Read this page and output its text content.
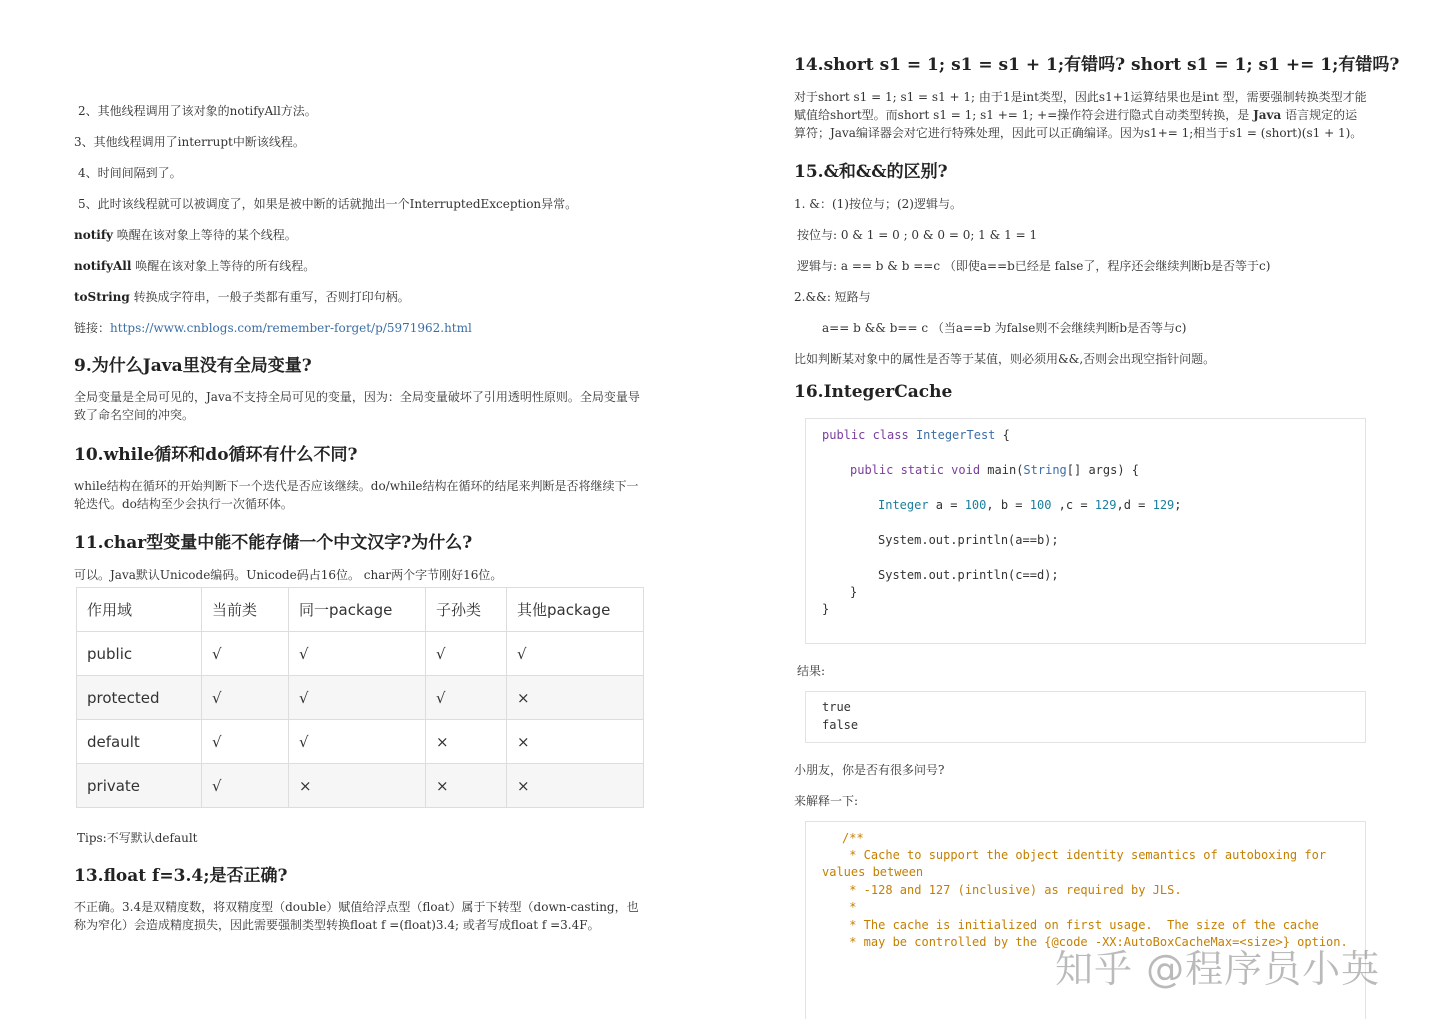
2、其他线程调用了该对象的notifyAll方法。
3、其他线程调用了interrupt中断该线程。
4、时间间隔到了。
5、此时该线程就可以被调度了，如果是被中断的话就抛出一个InterruptedException异常。
notify 唤醒在该对象上等待的某个线程。
notifyAll 唤醒在该对象上等待的所有线程。
toString 转换成字符串，一般子类都有重写，否则打印句柄。
链接：https://www.cnblogs.com/remember-forget/p/5971962.html
9.为什么Java里没有全局变量?
全局变量是全局可见的，Java不支持全局可见的变量，因为：全局变量破坏了引用透明性原则。全局变量导致了命名空间的冲突。
10.while循环和do循环有什么不同?
while结构在循环的开始判断下一个迭代是否应该继续。do/while结构在循环的结尾来判断是否将继续下一轮迭代。do结构至少会执行一次循环体。
11.char型变量中能不能存储一个中文汉字?为什么?
可以。Java默认Unicode编码。Unicode码占16位。 char两个字节刚好16位。
作用域	当前类	同一package	子孙类	其他package
public	√	√	√	√
protected	√	√	√	×
default	√	√	×	×
private	√	×	×	×
Tips:不写默认default
13.float f=3.4;是否正确?
不正确。3.4是双精度数，将双精度型（double）赋值给浮点型（float）属于下转型（down-casting，也称为窄化）会造成精度损失，因此需要强制类型转换float f =(float)3.4; 或者写成float f =3.4F。
14.short s1 = 1; s1 = s1 + 1;有错吗? short s1 = 1; s1 += 1;有错吗?
对于short s1 = 1; s1 = s1 + 1; 由于1是int类型，因此s1+1运算结果也是int 型，需要强制转换类型才能赋值给short型。而short s1 = 1; s1 += 1; +=操作符会进行隐式自动类型转换，是 Java 语言规定的运算符；Java编译器会对它进行特殊处理，因此可以正确编译。因为s1+= 1;相当于s1 = (short)(s1 + 1)。
15.&和&&的区别?
1. &：(1)按位与；(2)逻辑与。
按位与: 0 & 1 = 0 ; 0 & 0 = 0; 1 & 1 = 1
逻辑与: a == b & b ==c （即使a==b已经是 false了，程序还会继续判断b是否等于c)
2.&&: 短路与
a== b && b== c （当a==b 为false则不会继续判断b是否等与c)
比如判断某对象中的属性是否等于某值，则必须用&&,否则会出现空指针问题。
16.IntegerCache
public class IntegerTest {
public static void main(String[] args) {
Integer a = 100, b = 100 ,c = 129,d = 129;
System.out.println(a==b);
System.out.println(c==d);
}
}
结果:
true
false
小朋友，你是否有很多问号?
来解释一下:
/**
* Cache to support the object identity semantics of autoboxing for
values between
* -128 and 127 (inclusive) as required by JLS.
*
* The cache is initialized on first usage.  The size of the cache
* may be controlled by the {@code -XX:AutoBoxCacheMax=<size>} option.
知乎 @程序员小英
